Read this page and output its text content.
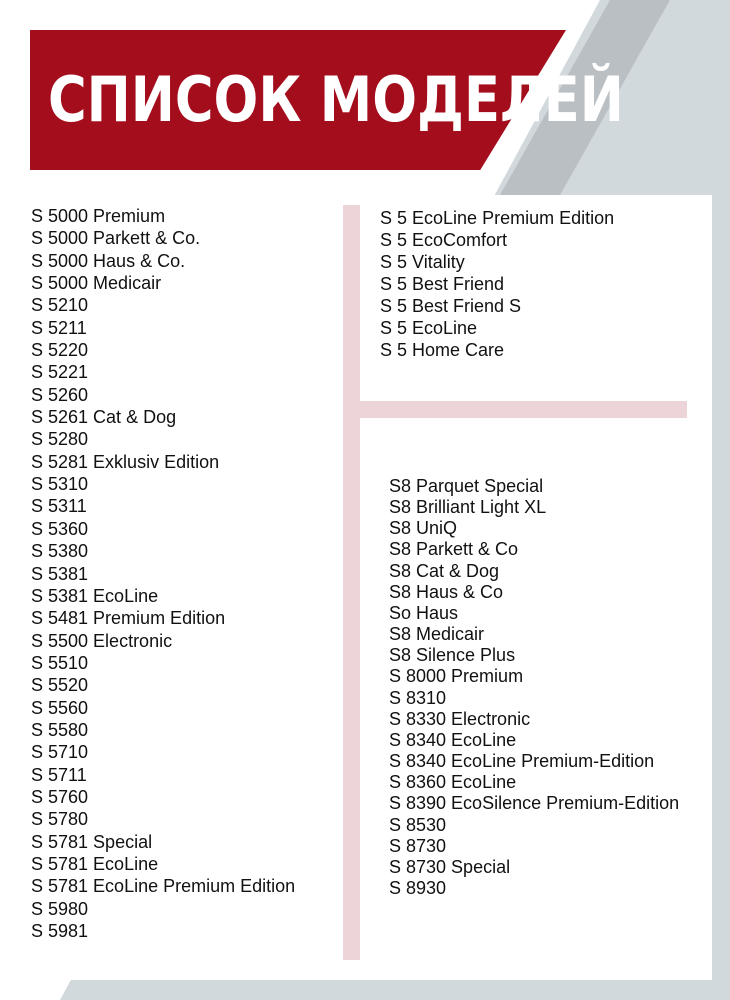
СПИСОК МОДЕЛЕЙ
S 5000 Premium
S 5000 Parkett & Co.
S 5000 Haus & Co.
S 5000 Medicair
S 5210
S 5211
S 5220
S 5221
S 5260
S 5261 Cat & Dog
S 5280
S 5281 Exklusiv Edition
S 5310
S 5311
S 5360
S 5380
S 5381
S 5381 EcoLine
S 5481 Premium Edition
S 5500 Electronic
S 5510
S 5520
S 5560
S 5580
S 5710
S 5711
S 5760
S 5780
S 5781 Special
S 5781 EcoLine
S 5781 EcoLine Premium Edition
S 5980
S 5981
S 5 EcoLine Premium Edition
S 5 EcoComfort
S 5 Vitality
S 5 Best Friend
S 5 Best Friend S
S 5 EcoLine
S 5 Home Care
S8 Parquet Special
S8 Brilliant Light XL
S8 UniQ
S8 Parkett & Co
S8 Cat & Dog
S8 Haus & Co
So Haus
S8 Medicair
S8 Silence Plus
S 8000 Premium
S 8310
S 8330 Electronic
S 8340 EcoLine
S 8340 EcoLine Premium-Edition
S 8360 EcoLine
S 8390 EcoSilence Premium-Edition
S 8530
S 8730
S 8730 Special
S 8930
